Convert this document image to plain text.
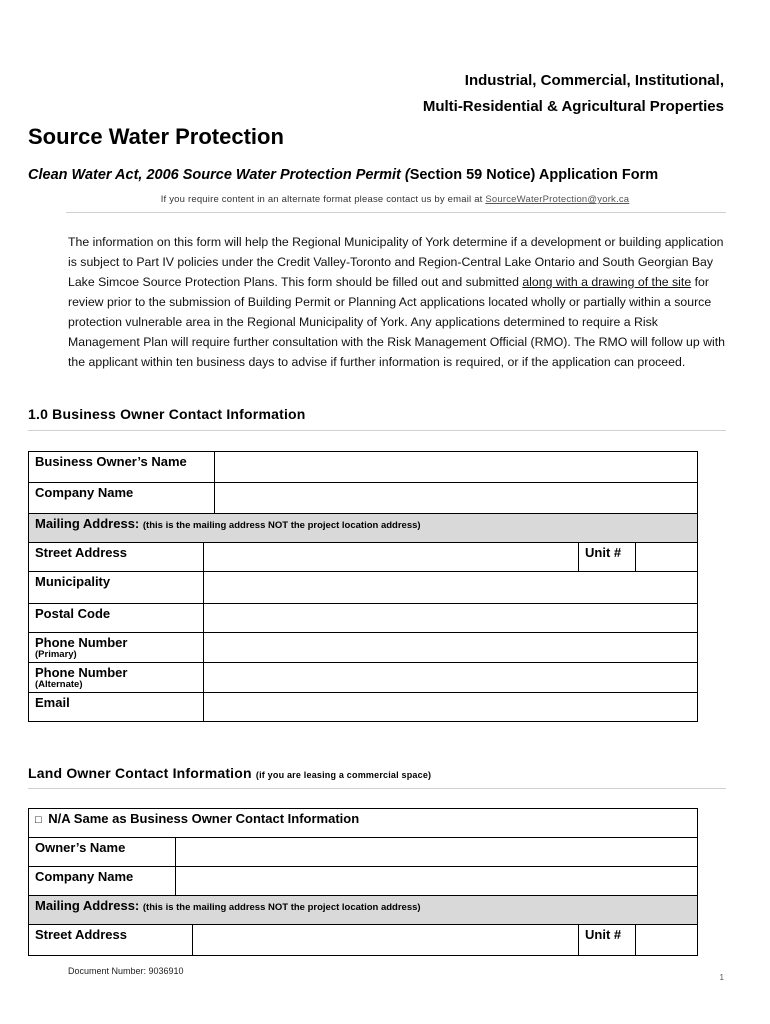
Industrial, Commercial, Institutional,
Multi-Residential & Agricultural Properties
Source Water Protection
Clean Water Act, 2006 Source Water Protection Permit (Section 59 Notice) Application Form
If you require content in an alternate format please contact us by email at SourceWaterProtection@york.ca
The information on this form will help the Regional Municipality of York determine if a development or building application is subject to Part IV policies under the Credit Valley-Toronto and Region-Central Lake Ontario and South Georgian Bay Lake Simcoe Source Protection Plans. This form should be filled out and submitted along with a drawing of the site for review prior to the submission of Building Permit or Planning Act applications located wholly or partially within a source protection vulnerable area in the Regional Municipality of York. Any applications determined to require a Risk Management Plan will require further consultation with the Risk Management Official (RMO). The RMO will follow up with the applicant within ten business days to advise if further information is required, or if the application can proceed.
1.0 Business Owner Contact Information
Business Owner’s Name				
Company Name				
Mailing Address: (this is the mailing address NOT the project location address)				
Street Address			Unit #	
Municipality				
Postal Code				
Phone Number
(Primary)				

Phone Number
(Alternate)				

Email				
Land Owner Contact Information (if you are leasing a commercial space)
□ N/A Same as Business Owner Contact Information				
Owner’s Name				
Company Name				
Mailing Address: (this is the mailing address NOT the project location address)				
Street Address			Unit #	
Document Number: 9036910
1
